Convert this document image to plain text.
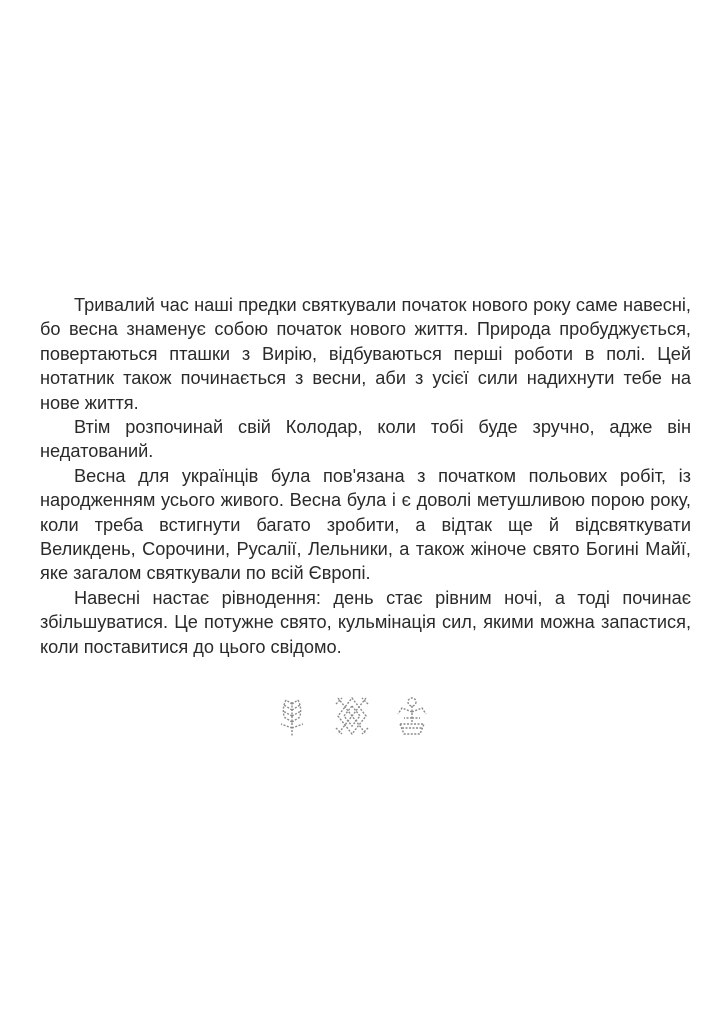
Тривалий час наші предки святкували початок нового року саме навесні, бо весна знаменує собою початок нового життя. Природа пробуджується, повертаються пташки з Вирію, відбуваються перші роботи в полі. Цей нотатник також починається з весни, аби з усієї сили надихнути тебе на нове життя.

Втім розпочинай свій Колодар, коли тобі буде зручно, адже він недатований.

Весна для українців була пов'язана з початком польових робіт, із народженням усього живого. Весна була і є доволі метушливою порою року, коли треба встигнути багато зробити, а відтак ще й відсвяткувати Великдень, Сорочини, Русалії, Лельники, а також жіноче свято Богині Майї, яке загалом святкували по всій Європі.

Навесні настає рівнодення: день стає рівним ночі, а тоді починає збільшуватися. Це потужне свято, кульмінація сил, якими можна запастися, коли поставитися до цього свідомо.
